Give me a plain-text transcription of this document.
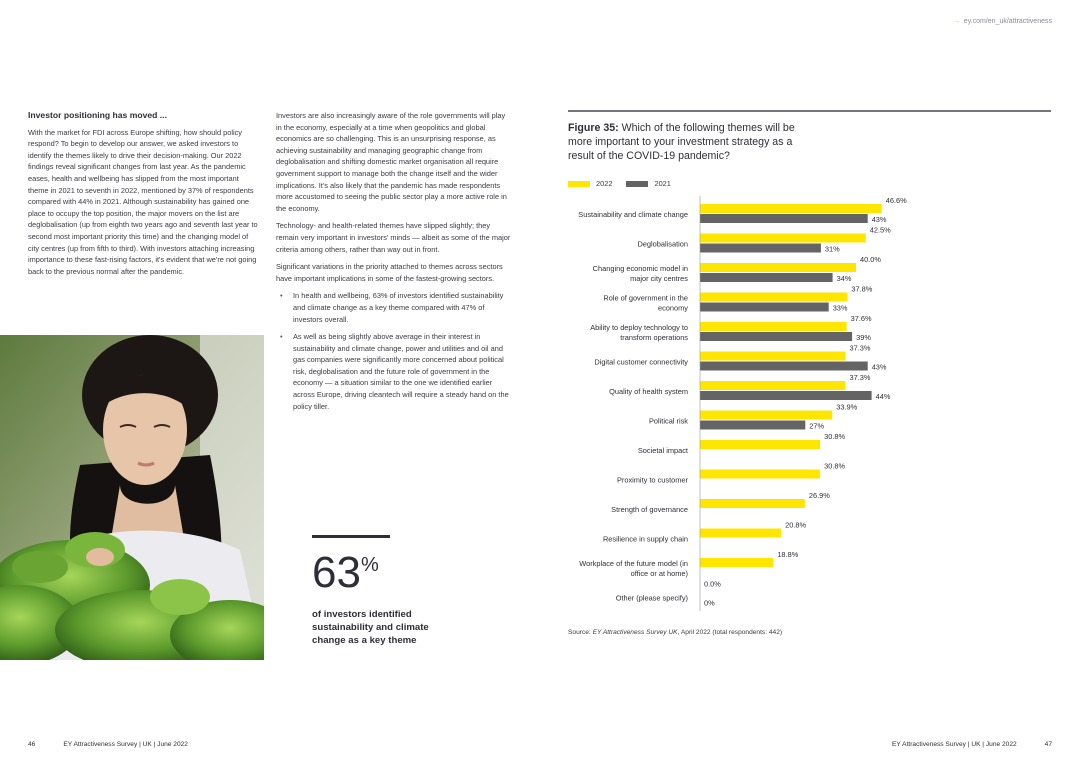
→ ey.com/en_uk/attractiveness
Investor positioning has moved ...

With the market for FDI across Europe shifting, how should policy respond? To begin to develop our answer, we asked investors to identify the themes likely to drive their decision-making. Our 2022 findings reveal significant changes from last year. As the pandemic eases, health and wellbeing has slipped from the most important theme in 2021 to seventh in 2022, mentioned by 37% of respondents compared with 44% in 2021. Although sustainability has gained one place to occupy the top position, the major movers on the list are deglobalisation (up from eighth two years ago and seventh last year to second most important priority this time) and the changing model of city centres (up from fifth to third). With investors attaching increasing importance to these fast-rising factors, it's evident that we're not going back to the previous normal after the pandemic.

Investors are also increasingly aware of the role governments will play in the economy, especially at a time when geopolitics and global economics are so challenging. This is an unsurprising response, as achieving sustainability and managing geographic change from deglobalisation and shifting domestic market organisation all require government support to manage both the change itself and the wider implications. It's also likely that the pandemic has made respondents more accustomed to seeing the public sector play a more active role in the economy.

Technology- and health-related themes have slipped slightly; they remain very important in investors' minds — albeit as some of the major criteria among others, rather than way out in front.

Significant variations in the priority attached to themes across sectors have important implications in some of the fastest-growing sectors.

• In health and wellbeing, 63% of investors identified sustainability and climate change as a key theme compared with 47% of investors overall.
• As well as being slightly above average in their interest in sustainability and climate change, power and utilities and oil and gas companies were significantly more concerned about political risk, deglobalisation and the future role of government in the economy — a situation similar to the one we identified earlier across Europe, driving cleantech will require a steady hand on the policy tiller.
63%
of investors identified sustainability and climate change as a key theme
Figure 35: Which of the following themes will be more important to your investment strategy as a result of the COVID-19 pandemic?
2022	2021
Sustainability and climate change
46.6%
43%
Deglobalisation
42.5%
31%
Changing economic model in
major city centres
40.0%
34%
Role of government in the
economy
37.8%
33%
Ability to deploy technology to
transform operations
37.6%
39%
Digital customer connectivity
37.3%
43%
Quality of health system
37.3%
44%
Political risk
33.9%
27%
Societal impact
30.8%
Proximity to customer
30.8%
Strength of governance
26.9%
Resilience in supply chain
20.8%
Workplace of the future model (in
office or at home)
18.8%
Other (please specify)
0.0%
0%
Source: EY Attractiveness Survey UK, April 2022 (total respondents: 442)
46	EY Attractiveness Survey | UK | June 2022	EY Attractiveness Survey | UK | June 2022	47
